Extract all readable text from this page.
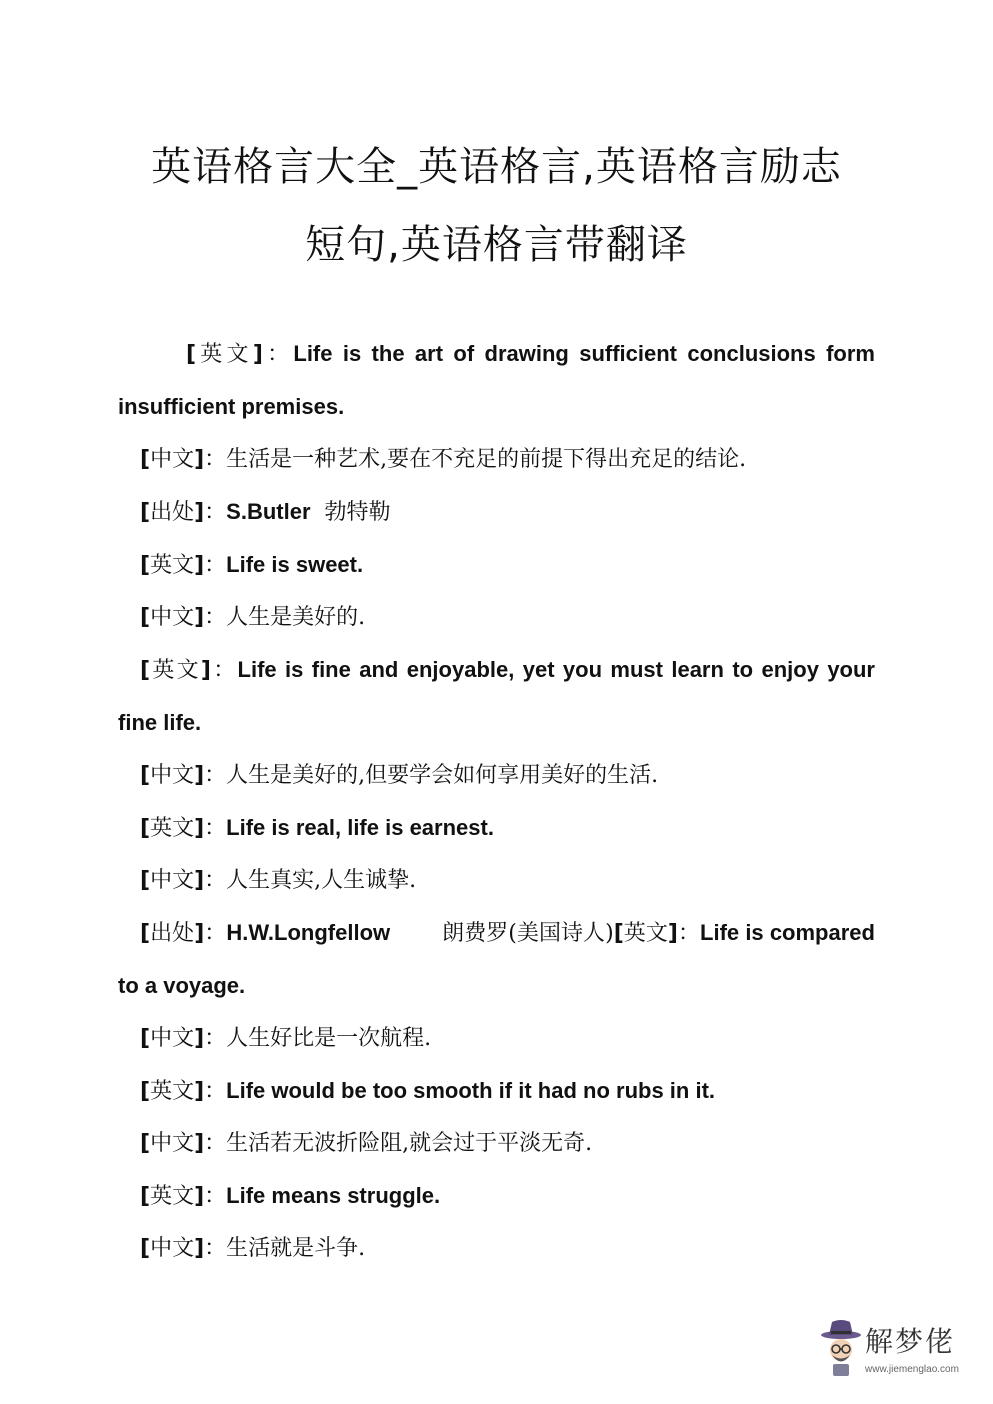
英语格言大全_英语格言,英语格言励志
短句,英语格言带翻译

[英文]：Life is the art of drawing sufficient conclusions form insufficient premises.

[中文]：生活是一种艺术,要在不充足的前提下得出充足的结论.

[出处]：S.Butler 勃特勒

[英文]：Life is sweet.

[中文]：人生是美好的.

[英文]：Life is fine and enjoyable, yet you must learn to enjoy your fine life.

[中文]：人生是美好的,但要学会如何享用美好的生活.

[英文]：Life is real, life is earnest.

[中文]：人生真实,人生诚挚.

[出处]：H.W.Longfellow 朗费罗(美国诗人)[英文]：Life is compared to a voyage.

[中文]：人生好比是一次航程.

[英文]：Life would be too smooth if it had no rubs in it.

[中文]：生活若无波折险阻,就会过于平淡无奇.

[英文]：Life means struggle.

[中文]：生活就是斗争.

解梦佬
www.jiemenglao.com
